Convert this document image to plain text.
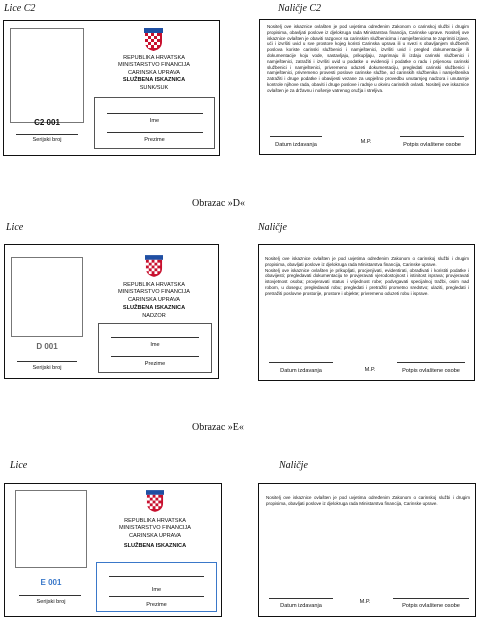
Lice C2	Naličje C2
REPUBLIKA HRVATSKA
MINISTARSTVO FINANCIJA
CARINSKA UPRAVA
SLUŽBENA ISKAZNICA
SUNK/SUK
C2 001
Serijski broj
Ime
Prezime
Nositelj ove iskaznice ovlašten je pod uvjetima određenim Zakonom o carinskoj službi i drugim propisima, obavljati poslove iz djelokruga rada Ministarstva financija, Carinske uprave. Nositelj ove iskaznice ovlašten je obaviti razgovor sa carinskim službenicima i namještenicima te zaprimiti izjave, ući i izvršiti uvid u sve prostore kojeg koristi Carinska uprava ili u svezi s obavljanjem službenih poslova koriste carinski službenici i namještenici, izvršiti uvid i pregled dokumentacije ili dokumentacije koju vode, sastavljaju, prikupljaju, zaprimaju ili izdaju carinski službenici i namještenici, zatražiti i izvršiti uvid u podatke o evidenciji i podatke o radu i prijenosu carinski službenici i namještenici, privremeno oduzeti dokumentaciju, pregledati carinski službenici i namještenici, privremeno provesti poslove carinske službe, od carinskih službenika i namještenika zatražiti i druge podatke i obavijesti vezane za uspješno provedbu unutarnjeg nadzora i unutarnje kontrole njihove rada, obaviti i druge poslove i radnje u okviru carinskih ovlasti. Nositelj ove iskaznice ovlašten je za državnu i nošenje vatrenog oružja i streljiva.
Datum izdavanja	M.P.	Potpis ovlaštene osobe
Obrazac »D«
Lice	Naličje
REPUBLIKA HRVATSKA
MINISTARSTVO FINANCIJA
CARINSKA UPRAVA
SLUŽBENA ISKAZNICA
NADZOR
D 001
Serijski broj
Ime
Prezime

Nositelj ove iskaznice ovlašten je pod uvjetima određenim Zakonom o carinskoj službi i drugim propisima, obavljati poslove iz djelokruga rada Ministarstva financija, Carinske uprave.

Nositelj ove iskaznice ovlašten je prikupljati, procjenjivati, evidentirati, obrađivati i koristiti podatke i obavijesti; pregledavati dokumentaciju te provjeravati vjerodostojnost i istinitost isprava; provjeravati istovjetnost osoba; provjeravati status i vrijednost robe; podvrgavati specijalnoj tražbi, osim nad robom, u dosegu; pregledavati robu; pregledati i pretražiti prometno sredstvo; ulaziti, pregledati i pretražiti poslovne prostorije, prostore i objekte; privremeno oduzeti robu i isprave.

Datum izdavanja	M.P.	Potpis ovlaštene osobe
Obrazac »E«
Lice	Naličje
REPUBLIKA HRVATSKA
MINISTARSTVO FINANCIJA
CARINSKA UPRAVA
SLUŽBENA ISKAZNICA
E 001
Serijski broj
Ime
Prezime
Nositelj ove iskaznice ovlašten je pod uvjetima određenim Zakonom o carinskoj službi i drugim propisima, obavljati poslove iz djelokruga rada Ministarstva financija, Carinske uprave.
Datum izdavanja
M.P.
Potpis ovlaštene osobe
